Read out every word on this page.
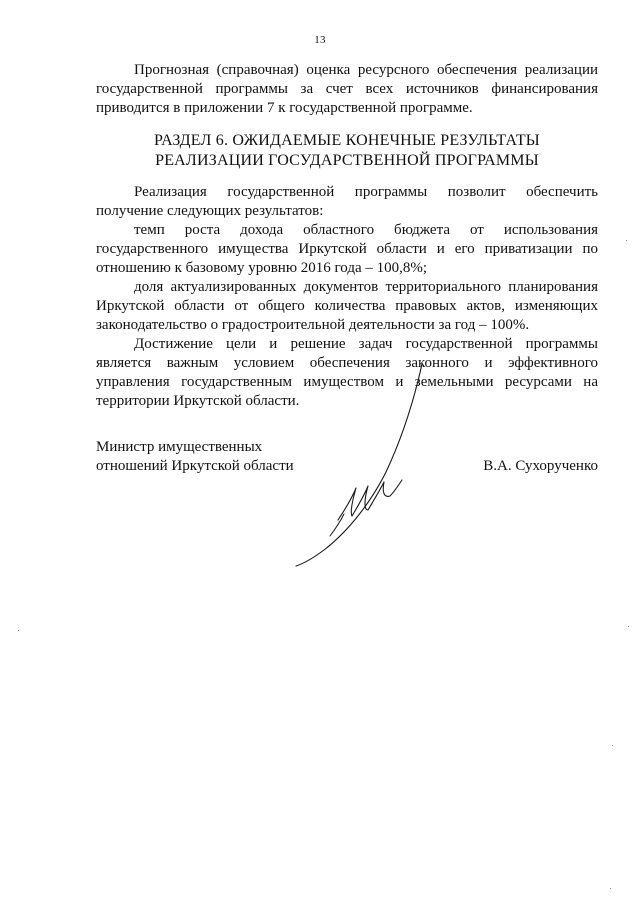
13

Прогнозная (справочная) оценка ресурсного обеспечения реализации государственной программы за счет всех источников финансирования приводится в приложении 7 к государственной программе.

РАЗДЕЛ 6. ОЖИДАЕМЫЕ КОНЕЧНЫЕ РЕЗУЛЬТАТЫ
РЕАЛИЗАЦИИ ГОСУДАРСТВЕННОЙ ПРОГРАММЫ

Реализация государственной программы позволит обеспечить получение следующих результатов:

темп роста дохода областного бюджета от использования государственного имущества Иркутской области и его приватизации по отношению к базовому уровню 2016 года – 100,8%;

доля актуализированных документов территориального планирования Иркутской области от общего количества правовых актов, изменяющих законодательство о градостроительной деятельности за год – 100%.

Достижение цели и решение задач государственной программы является важным условием обеспечения законного и эффективного управления государственным имуществом и земельными ресурсами на территории Иркутской области.

Министр имущественных
отношений Иркутской области	В.А. Сухорученко
